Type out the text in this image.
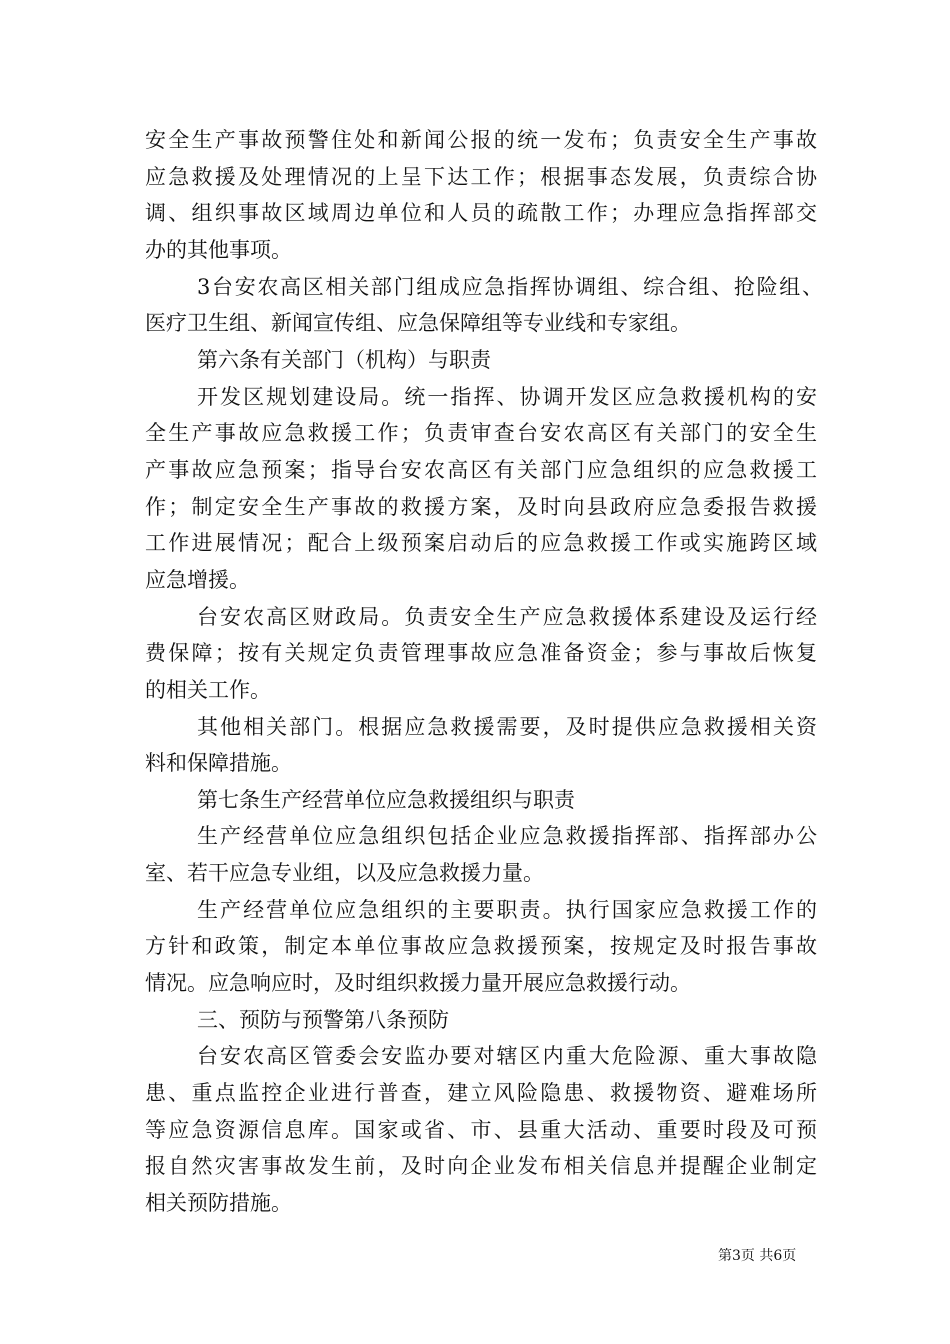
安全生产事故预警住处和新闻公报的统一发布；负责安全生产事故
应急救援及处理情况的上呈下达工作；根据事态发展，负责综合协
调、组织事故区域周边单位和人员的疏散工作；办理应急指挥部交
办的其他事项。
3台安农高区相关部门组成应急指挥协调组、综合组、抢险组、
医疗卫生组、新闻宣传组、应急保障组等专业线和专家组。
第六条有关部门（机构）与职责
开发区规划建设局。统一指挥、协调开发区应急救援机构的安
全生产事故应急救援工作；负责审查台安农高区有关部门的安全生
产事故应急预案；指导台安农高区有关部门应急组织的应急救援工
作；制定安全生产事故的救援方案，及时向县政府应急委报告救援
工作进展情况；配合上级预案启动后的应急救援工作或实施跨区域
应急增援。
台安农高区财政局。负责安全生产应急救援体系建设及运行经
费保障；按有关规定负责管理事故应急准备资金；参与事故后恢复
的相关工作。
其他相关部门。根据应急救援需要，及时提供应急救援相关资
料和保障措施。
第七条生产经营单位应急救援组织与职责
生产经营单位应急组织包括企业应急救援指挥部、指挥部办公
室、若干应急专业组，以及应急救援力量。
生产经营单位应急组织的主要职责。执行国家应急救援工作的
方针和政策，制定本单位事故应急救援预案，按规定及时报告事故
情况。应急响应时，及时组织救援力量开展应急救援行动。
三、预防与预警第八条预防
台安农高区管委会安监办要对辖区内重大危险源、重大事故隐
患、重点监控企业进行普查，建立风险隐患、救援物资、避难场所
等应急资源信息库。国家或省、市、县重大活动、重要时段及可预
报自然灾害事故发生前，及时向企业发布相关信息并提醒企业制定
相关预防措施。
第3页 共6页
